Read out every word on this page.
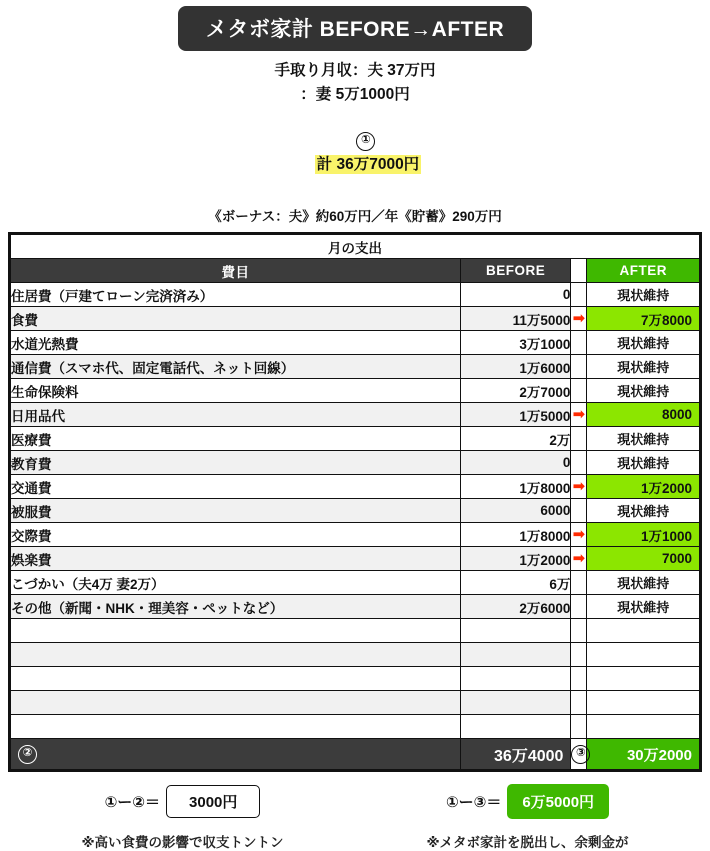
メタボ家計 BEFORE→AFTER
手取り月収：夫 37万円
：妻 5万1000円

①
計 36万7000円

《ボーナス：夫》約60万円／年《貯蓄》290万円
月の支出			
費目	BEFORE		AFTER
住居費（戸建てローン完済済み）	0		現状維持
食費	11万5000	➡	7万8000
水道光熱費	3万1000		現状維持
通信費（スマホ代、固定電話代、ネット回線）	1万6000		現状維持
生命保険料	2万7000		現状維持
日用品代	1万5000	➡	8000
医療費	2万		現状維持
教育費	0		現状維持
交通費	1万8000	➡	1万2000
被服費	6000		現状維持
交際費	1万8000	➡	1万1000
娯楽費	1万2000	➡	7000
こづかい（夫4万 妻2万）	6万		現状維持
その他（新聞・NHK・理美容・ペットなど）	2万6000		現状維持

②	36万4000	③	30万2000
①ー②＝	3000円	①ー③＝	6万5000円
※高い食費の影響で収支トントン	※メタボ家計を脱出し、余剰金が
